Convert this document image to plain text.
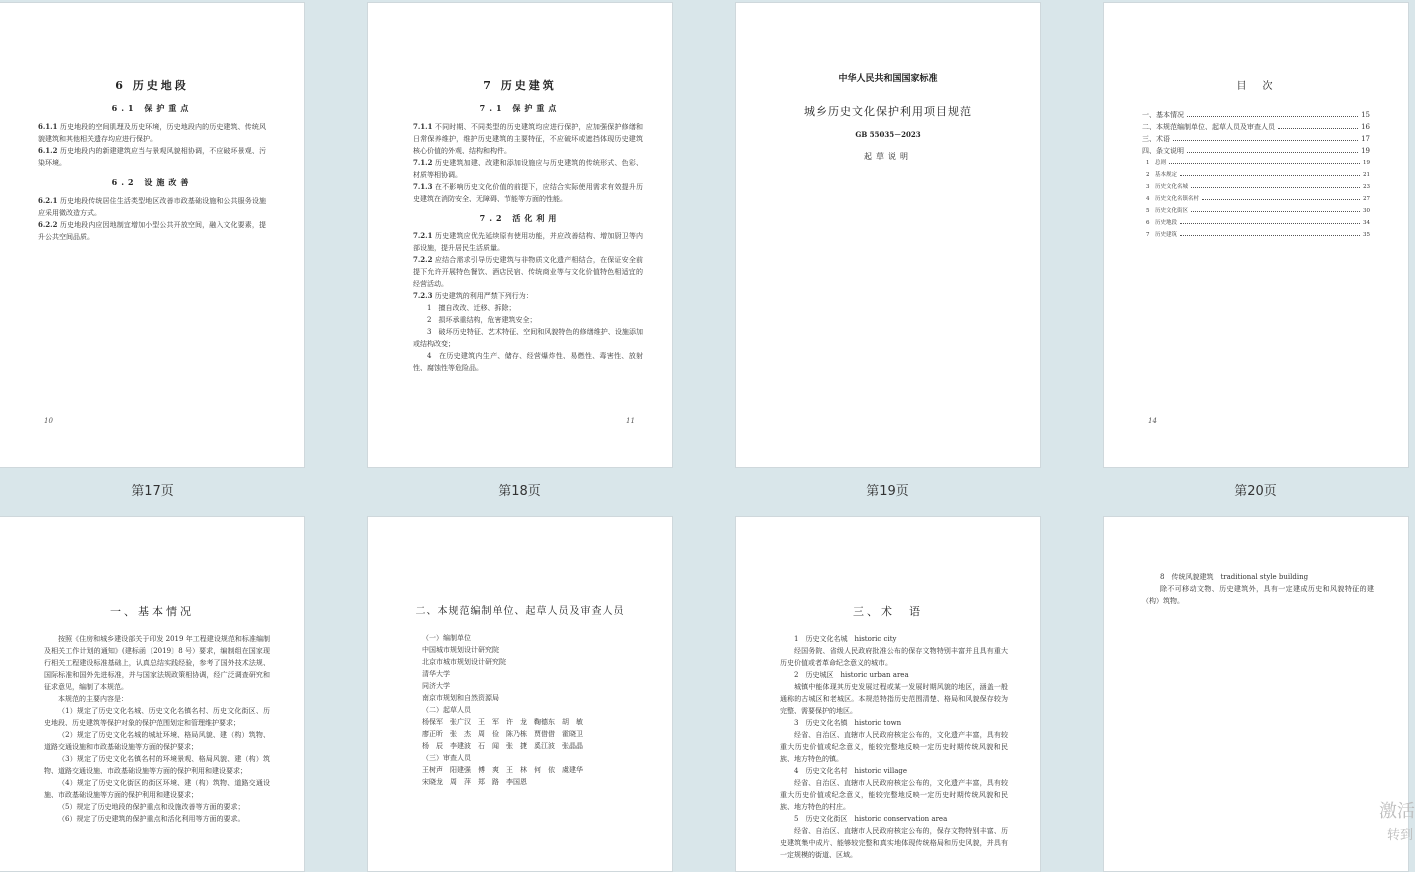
6 历史地段
6.1 保护重点
6.1.1 历史地段的空间肌理及历史环境，历史地段内的历史建筑、传统风貌建筑和其他相关遗存均应进行保护。
6.1.2 历史地段内的新建建筑应当与景观风貌相协调，不应破坏景观、污染环境。
6.2 设施改善
6.2.1 历史地段传统居住生活类型地区改善市政基础设施和公共服务设施应采用微改造方式。
6.2.2 历史地段内应因地制宜增加小型公共开放空间，融入文化要素，提升公共空间品质。
10
第17页
7 历史建筑
7.1 保护重点
7.1.1 不同时期、不同类型的历史建筑均应进行保护，应加强保护修缮和日常保养维护，维护历史建筑的主要特征，不应破坏或遮挡体现历史建筑核心价值的外观、结构和构件。
7.1.2 历史建筑加建、改建和添加设施应与历史建筑的传统形式、色彩、材质等相协调。
7.1.3 在不影响历史文化价值的前提下，应结合实际使用需求有效提升历史建筑在消防安全、无障碍、节能等方面的性能。
7.2 活化利用
7.2.1 历史建筑应优先延续原有使用功能，并应改善结构、增加厨卫等内部设施，提升居民生活质量。
7.2.2 应结合需求引导历史建筑与非物质文化遗产相结合，在保证安全前提下允许开展特色餐饮、酒店民宿、传统商业等与文化价值特色相适宜的经营活动。
7.2.3 历史建筑的利用严禁下列行为：
1　擅自改改、迁移、拆除；
2　损坏承重结构，危害建筑安全；
3　破坏历史特征、艺术特征、空间和风貌特色的修缮维护、设施添加或结构改变；
4　在历史建筑内生产、储存、经营爆炸性、易燃性、毒害性、放射性、腐蚀性等危险品。
11
第18页
中华人民共和国国家标准
城乡历史文化保护利用项目规范
GB 55035－2023
起草说明
第19页
目　次
一、基本情况	15
二、本规范编制单位、起草人员及审查人员	16
三、术语	17
四、条文说明	19
1　总则	19
2　基本规定	21
3　历史文化名城	23
4　历史文化名镇名村	27
5　历史文化街区	30
6　历史地段	34
7　历史建筑	35
14
第20页
一、基本情况
按照《住房和城乡建设部关于印发 2019 年工程建设规范和标准编制及相关工作计划的通知》(建标函〔2019〕8 号）要求，编制组在国家现行相关工程建设标准基础上，认真总结实践经验，参考了国外技术法规、国际标准和国外先进标准，并与国家法规政策相协调，经广泛调查研究和征求意见，编制了本规范。
本规范的主要内容是：
（1）规定了历史文化名城、历史文化名镇名村、历史文化街区、历史地段、历史建筑等保护对象的保护范围划定和管理维护要求；
（2）规定了历史文化名城的城址环境、格局风貌、建（构）筑物、道路交通设施和市政基础设施等方面的保护要求；
（3）规定了历史文化名镇名村的环境景观、格局风貌、建（构）筑物、道路交通设施、市政基础设施等方面的保护利用和建设要求；
（4）规定了历史文化街区的街区环境、建（构）筑物、道路交通设施、市政基础设施等方面的保护利用和建设要求；
（5）规定了历史地段的保护重点和设施改善等方面的要求；
（6）规定了历史建筑的保护重点和活化利用等方面的要求。
二、本规范编制单位、起草人员及审查人员
（一）编制单位
中国城市规划设计研究院
北京市城市规划设计研究院
清华大学
同济大学
南京市规划和自然资源局
（二）起草人员
杨保军　张广汉　王　军　许　龙　鞠德东　胡　敏
廖正昕　张　杰　周　俭　陈乃栋　贾借借　霍晓卫
杨　辰　李建波　石　闻　张　捷　奚江波　张晶晶
（三）审查人员
王树声　阳建强　傅　爽　王　林　何　依　虞建华
宋晓龙　周　萍　郑　路　李国恩
三、术　语
1　历史文化名城　historic city
经国务院、省级人民政府批准公布的保存文物特别丰富并且具有重大历史价值或者革命纪念意义的城市。
2　历史城区　historic urban area
城镇中能体现其历史发展过程或某一发展时期风貌的地区，涵盖一般通称的古城区和老城区。本规范特指历史范围清楚、格局和风貌保存较为完整、需要保护的地区。
3　历史文化名镇　historic town
经省、自治区、直辖市人民政府核定公布的，文化遗产丰富，具有较重大历史价值或纪念意义，能较完整地反映一定历史时期传统风貌和民族、地方特色的镇。
4　历史文化名村　historic village
经省、自治区、直辖市人民政府核定公布的，文化遗产丰富，具有较重大历史价值或纪念意义，能较完整地反映一定历史时期传统风貌和民族、地方特色的村庄。
5　历史文化街区　historic conservation area
经省、自治区、直辖市人民政府核定公布的，保存文物特别丰富、历史建筑集中成片、能够较完整和真实地体现传统格局和历史风貌，并具有一定规模的街道、区域。
8　传统风貌建筑　traditional style building
除不可移动文物、历史建筑外，具有一定建成历史和风貌特征的建（构）筑物。
激活
转到
